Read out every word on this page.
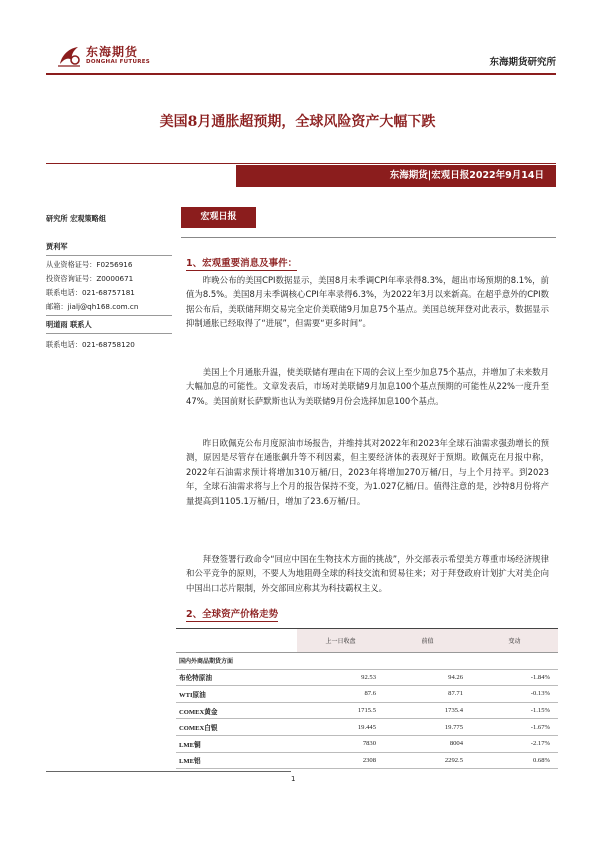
东海期货
DONGHAI FUTURES	东海期货研究所
美国8月通胀超预期，全球风险资产大幅下跌
东海期货|宏观日报2022年9月14日
研究所 宏观策略组
贾利军
从业资格证号：F0256916
投资咨询证号：Z0000671
联系电话：021-68757181
邮箱：jialj@qh168.com.cn
明道雨 联系人
联系电话：021-68758120
宏观日报
1、宏观重要消息及事件：

昨晚公布的美国CPI数据显示，美国8月未季调CPI年率录得8.3%，超出市场预期的8.1%，前值为8.5%。美国8月未季调核心CPI年率录得6.3%，为2022年3月以来新高。在超乎意外的CPI数据公布后，美联储拜期交易完全定价美联储9月加息75个基点。美国总统拜登对此表示，数据显示抑制通胀已经取得了“进展”，但需要“更多时间”。

美国上个月通胀升温，使美联储有理由在下周的会议上至少加息75个基点，并增加了未来数月大幅加息的可能性。文章发表后，市场对美联储9月加息100个基点预期的可能性从22%一度升至47%。美国前财长萨默斯也认为美联储9月份会选择加息100个基点。

昨日欧佩克公布月度原油市场报告，并维持其对2022年和2023年全球石油需求强劲增长的预测，原因是尽管存在通胀飙升等不利因素，但主要经济体的表现好于预期。欧佩克在月报中称，2022年石油需求预计将增加310万桶/日，2023年将增加270万桶/日，与上个月持平。到2023年，全球石油需求将与上个月的报告保持不变，为1.027亿桶/日。值得注意的是，沙特8月份将产量提高到1105.1万桶/日，增加了23.6万桶/日。

拜登签署行政命令“回应中国在生物技术方面的挑战”，外交部表示希望美方尊重市场经济规律和公平竞争的原则，不要人为地阻碍全球的科技交流和贸易往来；对于拜登政府计划扩大对美企向中国出口芯片限制，外交部回应称其为科技霸权主义。

2、全球资产价格走势
	上一日收盘	前值	变动
国内外商品期货方面			
布伦特原油	92.53	94.26	-1.84%
WTI原油	87.6	87.71	-0.13%
COMEX黄金	1715.5	1735.4	-1.15%
COMEX白银	19.445	19.775	-1.67%
LME铜	7830	8004	-2.17%
LME铝	2308	2292.5	0.68%
1
